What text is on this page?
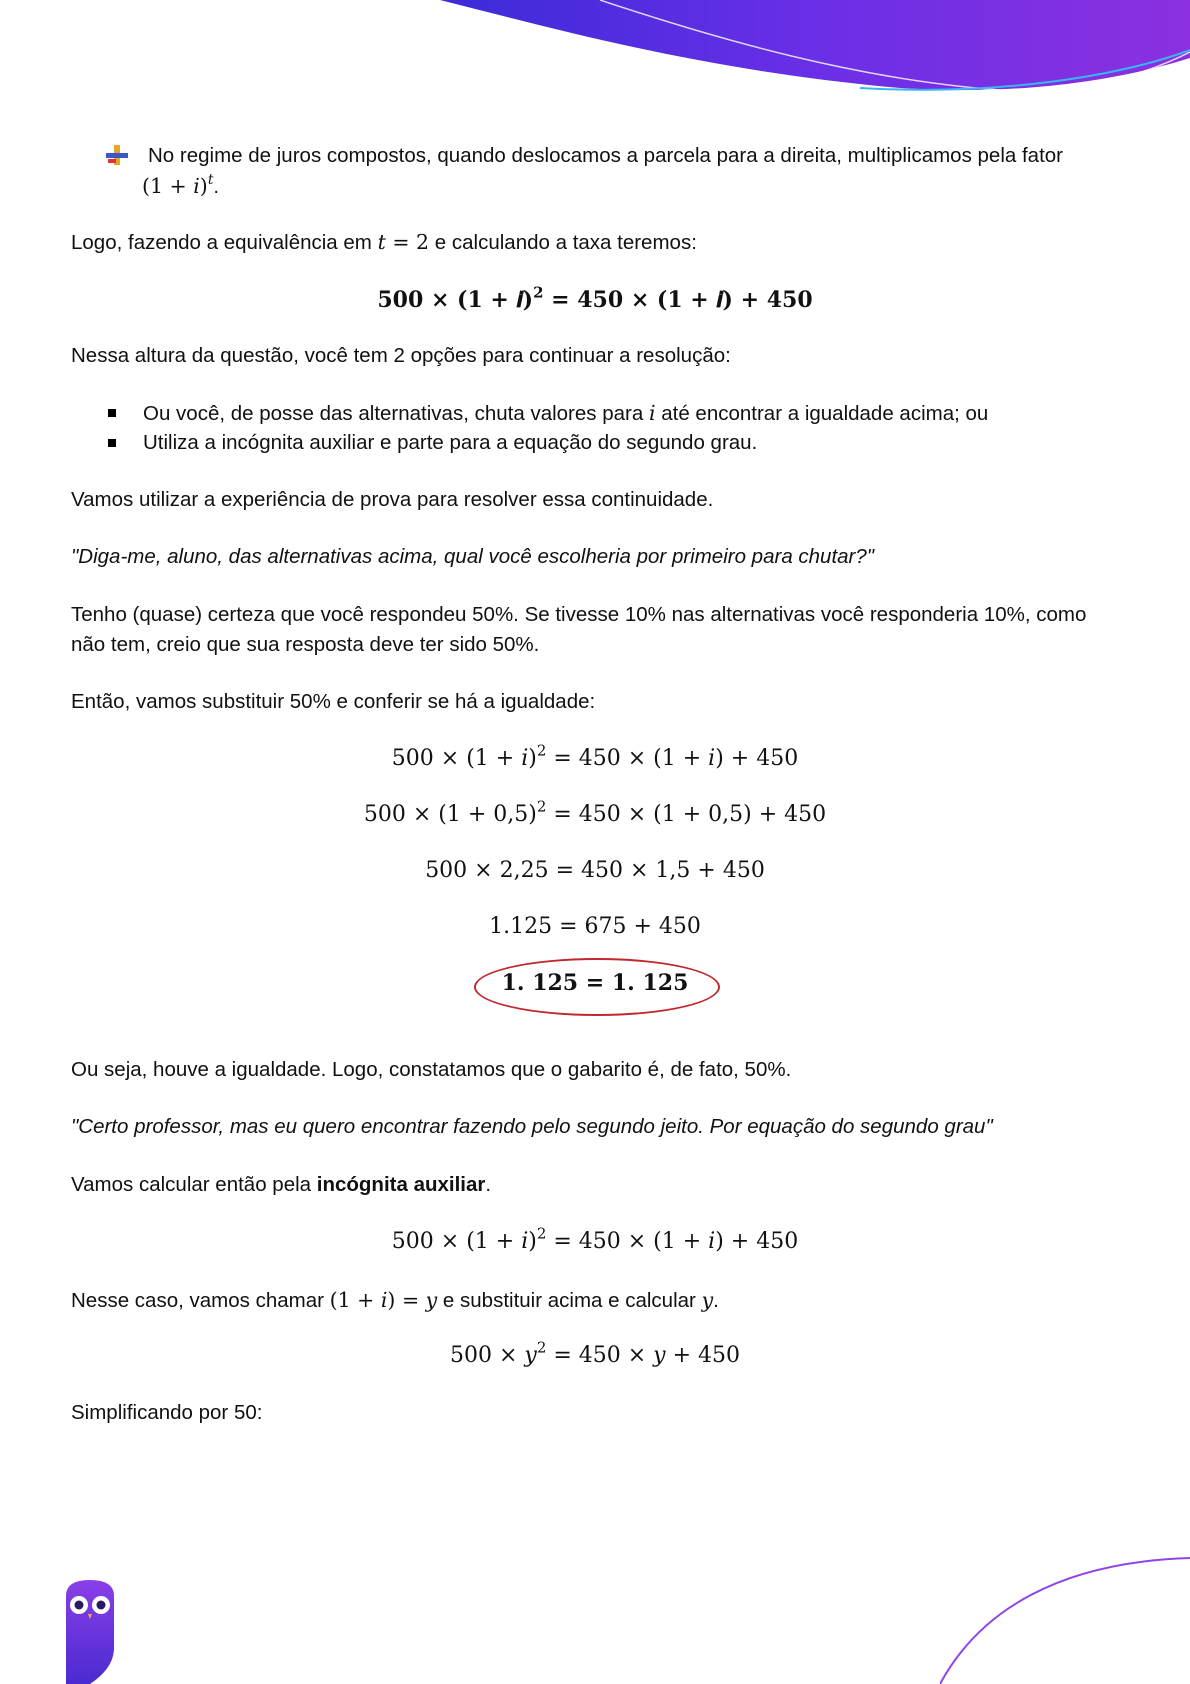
No regime de juros compostos, quando deslocamos a parcela para a direita, multiplicamos pela fator

(1 + 𝑖)$^𝑡$.

Logo, fazendo a equivalência em 𝑡 = 2 e calculando a taxa teremos:

𝟓𝟎𝟎 × (𝟏 + 𝒊)$^𝟐$ = 𝟒𝟓𝟎 × (𝟏 + 𝒊) + 𝟒𝟓𝟎

Nessa altura da questão, você tem 2 opções para continuar a resolução:

Ou você, de posse das alternativas, chuta valores para 𝑖 até encontrar a igualdade acima; ou

Utiliza a incógnita auxiliar e parte para a equação do segundo grau.

Vamos utilizar a experiência de prova para resolver essa continuidade.

"Diga-me, aluno, das alternativas acima, qual você escolheria por primeiro para chutar?"

Tenho (quase) certeza que você respondeu 50%. Se tivesse 10% nas alternativas você responderia 10%, como

não tem, creio que sua resposta deve ter sido 50%.

Então, vamos substituir 50% e conferir se há a igualdade:

500 × (1 + 𝑖)$^2$ = 450 × (1 + 𝑖) + 450

$500 \times (1 + 0,5)^2 = 450 \times (1 + 0,5) + 450$

500 × 2,25 = 450 × 1,5 + 450

1.125 = 675 + 450

𝟏. 𝟏𝟐𝟓 = 𝟏. 𝟏𝟐𝟓

Ou seja, houve a igualdade. Logo, constatamos que o gabarito é, de fato, 50%.

"Certo professor, mas eu quero encontrar fazendo pelo segundo jeito. Por equação do segundo grau"

Vamos calcular então pela incógnita auxiliar.

500 × (1 + 𝑖)$^2$ = 450 × (1 + 𝑖) + 450

Nesse caso, vamos chamar (1 + 𝑖) = 𝑦 e substituir acima e calcular 𝑦.

500 × 𝑦$^2$ = 450 × 𝑦 + 450

Simplificando por 50:
